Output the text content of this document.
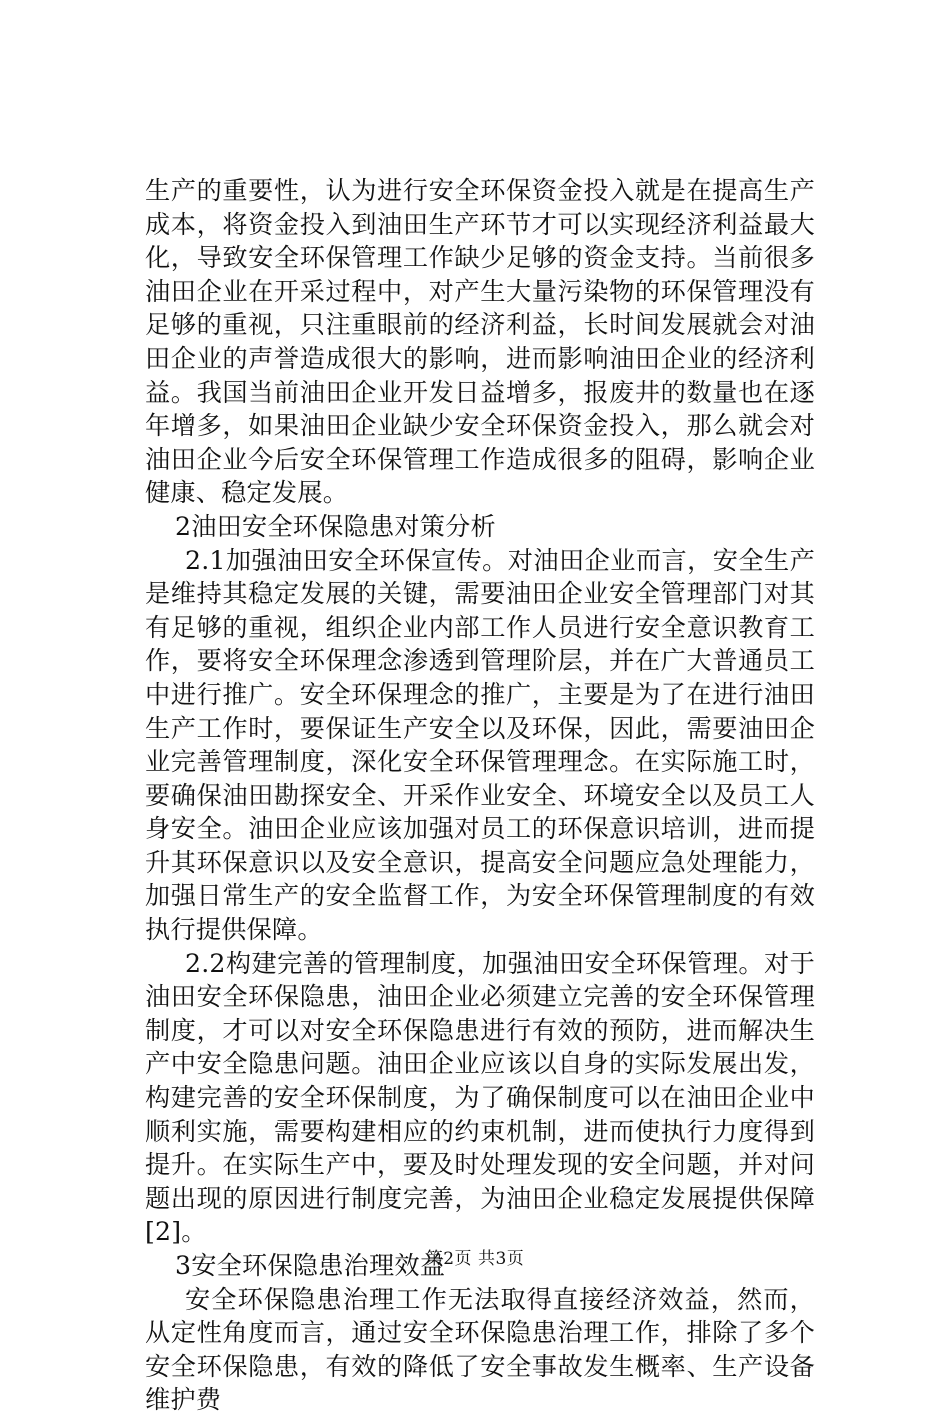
生产的重要性，认为进行安全环保资金投入就是在提高生产成本，将资金投入到油田生产环节才可以实现经济利益最大化，导致安全环保管理工作缺少足够的资金支持。当前很多油田企业在开采过程中，对产生大量污染物的环保管理没有足够的重视，只注重眼前的经济利益，长时间发展就会对油田企业的声誉造成很大的影响，进而影响油田企业的经济利益。我国当前油田企业开发日益增多，报废井的数量也在逐年增多，如果油田企业缺少安全环保资金投入，那么就会对油田企业今后安全环保管理工作造成很多的阻碍，影响企业健康、稳定发展。

2油田安全环保隐患对策分析

2.1加强油田安全环保宣传。对油田企业而言，安全生产是维持其稳定发展的关键，需要油田企业安全管理部门对其有足够的重视，组织企业内部工作人员进行安全意识教育工作，要将安全环保理念渗透到管理阶层，并在广大普通员工中进行推广。安全环保理念的推广，主要是为了在进行油田生产工作时，要保证生产安全以及环保，因此，需要油田企业完善管理制度，深化安全环保管理理念。在实际施工时，要确保油田勘探安全、开采作业安全、环境安全以及员工人身安全。油田企业应该加强对员工的环保意识培训，进而提升其环保意识以及安全意识，提高安全问题应急处理能力，加强日常生产的安全监督工作，为安全环保管理制度的有效执行提供保障。

2.2构建完善的管理制度，加强油田安全环保管理。对于油田安全环保隐患，油田企业必须建立完善的安全环保管理制度，才可以对安全环保隐患进行有效的预防，进而解决生产中安全隐患问题。油田企业应该以自身的实际发展出发，构建完善的安全环保制度，为了确保制度可以在油田企业中顺利实施，需要构建相应的约束机制，进而使执行力度得到提升。在实际生产中，要及时处理发现的安全问题，并对问题出现的原因进行制度完善，为油田企业稳定发展提供保障[2]。

3安全环保隐患治理效益

安全环保隐患治理工作无法取得直接经济效益，然而，从定性角度而言，通过安全环保隐患治理工作，排除了多个安全环保隐患，有效的降低了安全事故发生概率、生产设备维护费

第2页 共3页
